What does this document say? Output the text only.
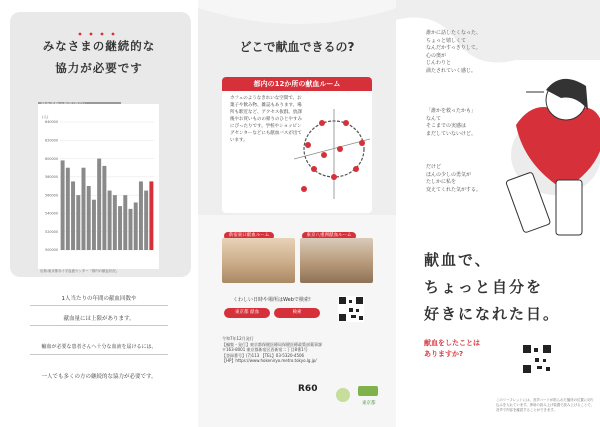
みなさまの継続的な
協力が必要です
(人)
640000
620000
600000
580000
560000
540000
520000
500000
出典:東京都赤十字血液センター「都内の献血状況」
1人当たりの年間の献血回数や
献血量には上限があります。
輸血が必要な患者さんへ十分な血液を届けるには、
一人でも多くの方の継続的な協力が必要です。
どこで献血できるの?
都内の12か所の献血ルーム
カフェのようなきれいな空間で、お菓子や飲み物、雑誌もあります。場所も駅近など、アクセス抜群。放課後やお買いものの帰りのひとやすみにぴったりです。学校やショッピングセンターなどにも献血バスが出ています。
新宿東口献血ルーム	東京八重洲献血ルーム
くわしい日時や場所はWebで検索!
東京都 献血	検索
令和7年12月発行
【編集・発行】東京都保健医療局保健医療政策部薬事課
〒163-8001 東京都新宿区西新宿二丁目8番1号
【登録番号】(7)113 【TEL】03-5320-4506
【HP】https://www.hokeniryo.metro.tokyo.lg.jp/
R60
東京都
誰かに話したくなった、
ちょっと嬉しくて
なんだかすっきりして。
心の奥が
じんわりと
満たされていく感じ。
「誰かを救ったかも」
なんて
そこまでの実感は
まだしていないけど。
だけど
ほんの少しの勇気が
たしかに私を
変えてくれた気がする。
献血で、
ちょっと自分を
好きになれた日。
献血をしたことは
ありますか?
このリーフレットには、音声コードが貼られた箇所の位置に切り込みを入れています。専用の読み上げ装置で読み上げることで、音声で内容を確認することができます。
